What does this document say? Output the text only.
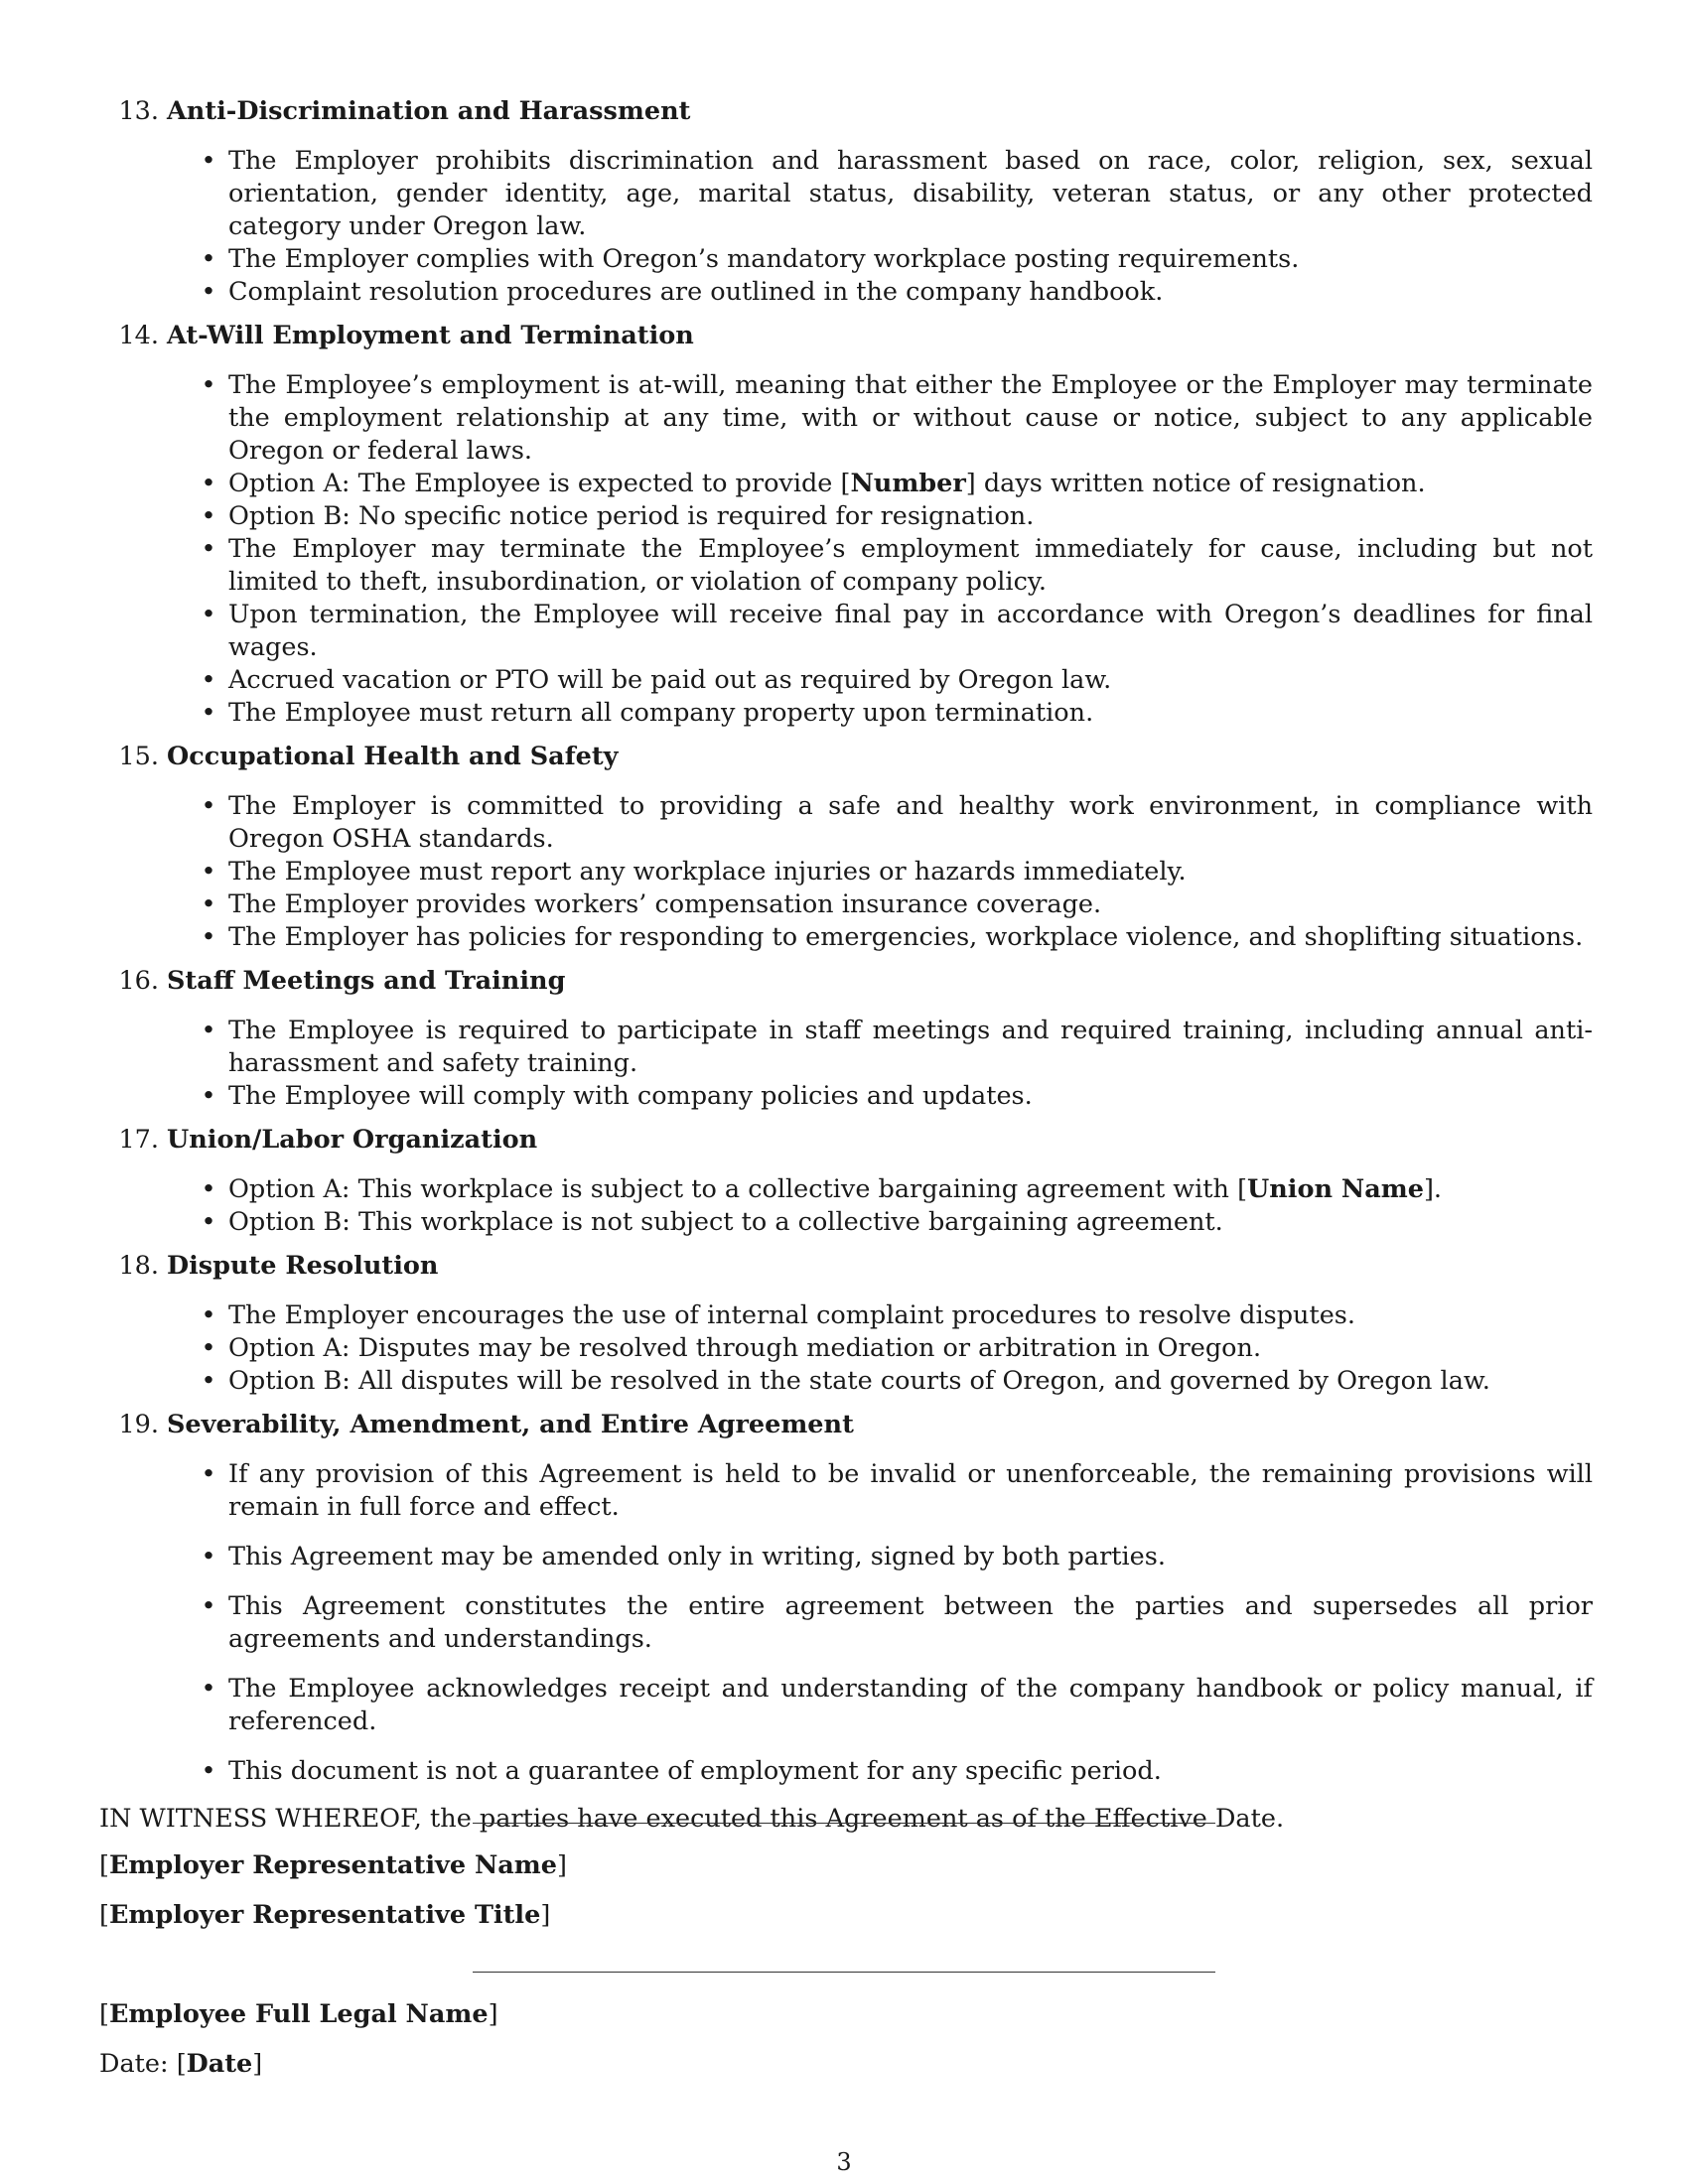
13. Anti-Discrimination and Harassment
• The Employer prohibits discrimination and harassment based on race, color, religion, sex, sexual orientation, gender identity, age, marital status, disability, veteran status, or any other protected category under Oregon law.
• The Employer complies with Oregon’s mandatory workplace posting requirements.
• Complaint resolution procedures are outlined in the company handbook.
14. At-Will Employment and Termination
• The Employee’s employment is at-will, meaning that either the Employee or the Employer may terminate the employment relationship at any time, with or without cause or notice, subject to any applicable Oregon or federal laws.
• Option A: The Employee is expected to provide [Number] days written notice of resignation.
• Option B: No specific notice period is required for resignation.
• The Employer may terminate the Employee’s employment immediately for cause, including but not limited to theft, insubordination, or violation of company policy.
• Upon termination, the Employee will receive final pay in accordance with Oregon’s deadlines for final wages.
• Accrued vacation or PTO will be paid out as required by Oregon law.
• The Employee must return all company property upon termination.
15. Occupational Health and Safety
• The Employer is committed to providing a safe and healthy work environment, in compliance with Oregon OSHA standards.
• The Employee must report any workplace injuries or hazards immediately.
• The Employer provides workers’ compensation insurance coverage.
• The Employer has policies for responding to emergencies, workplace violence, and shoplifting situations.
16. Staff Meetings and Training
• The Employee is required to participate in staff meetings and required training, including annual anti-harassment and safety training.
• The Employee will comply with company policies and updates.
17. Union/Labor Organization
• Option A: This workplace is subject to a collective bargaining agreement with [Union Name].
• Option B: This workplace is not subject to a collective bargaining agreement.
18. Dispute Resolution
• The Employer encourages the use of internal complaint procedures to resolve disputes.
• Option A: Disputes may be resolved through mediation or arbitration in Oregon.
• Option B: All disputes will be resolved in the state courts of Oregon, and governed by Oregon law.
19. Severability, Amendment, and Entire Agreement
• If any provision of this Agreement is held to be invalid or unenforceable, the remaining provisions will remain in full force and effect.
• This Agreement may be amended only in writing, signed by both parties.
• This Agreement constitutes the entire agreement between the parties and supersedes all prior agreements and understandings.
• The Employee acknowledges receipt and understanding of the company handbook or policy manual, if referenced.
• This document is not a guarantee of employment for any specific period.

IN WITNESS WHEREOF, the parties have executed this Agreement as of the Effective Date.

[Employer Representative Name]
[Employer Representative Title]
[Employee Full Legal Name]
Date: [Date]
3
